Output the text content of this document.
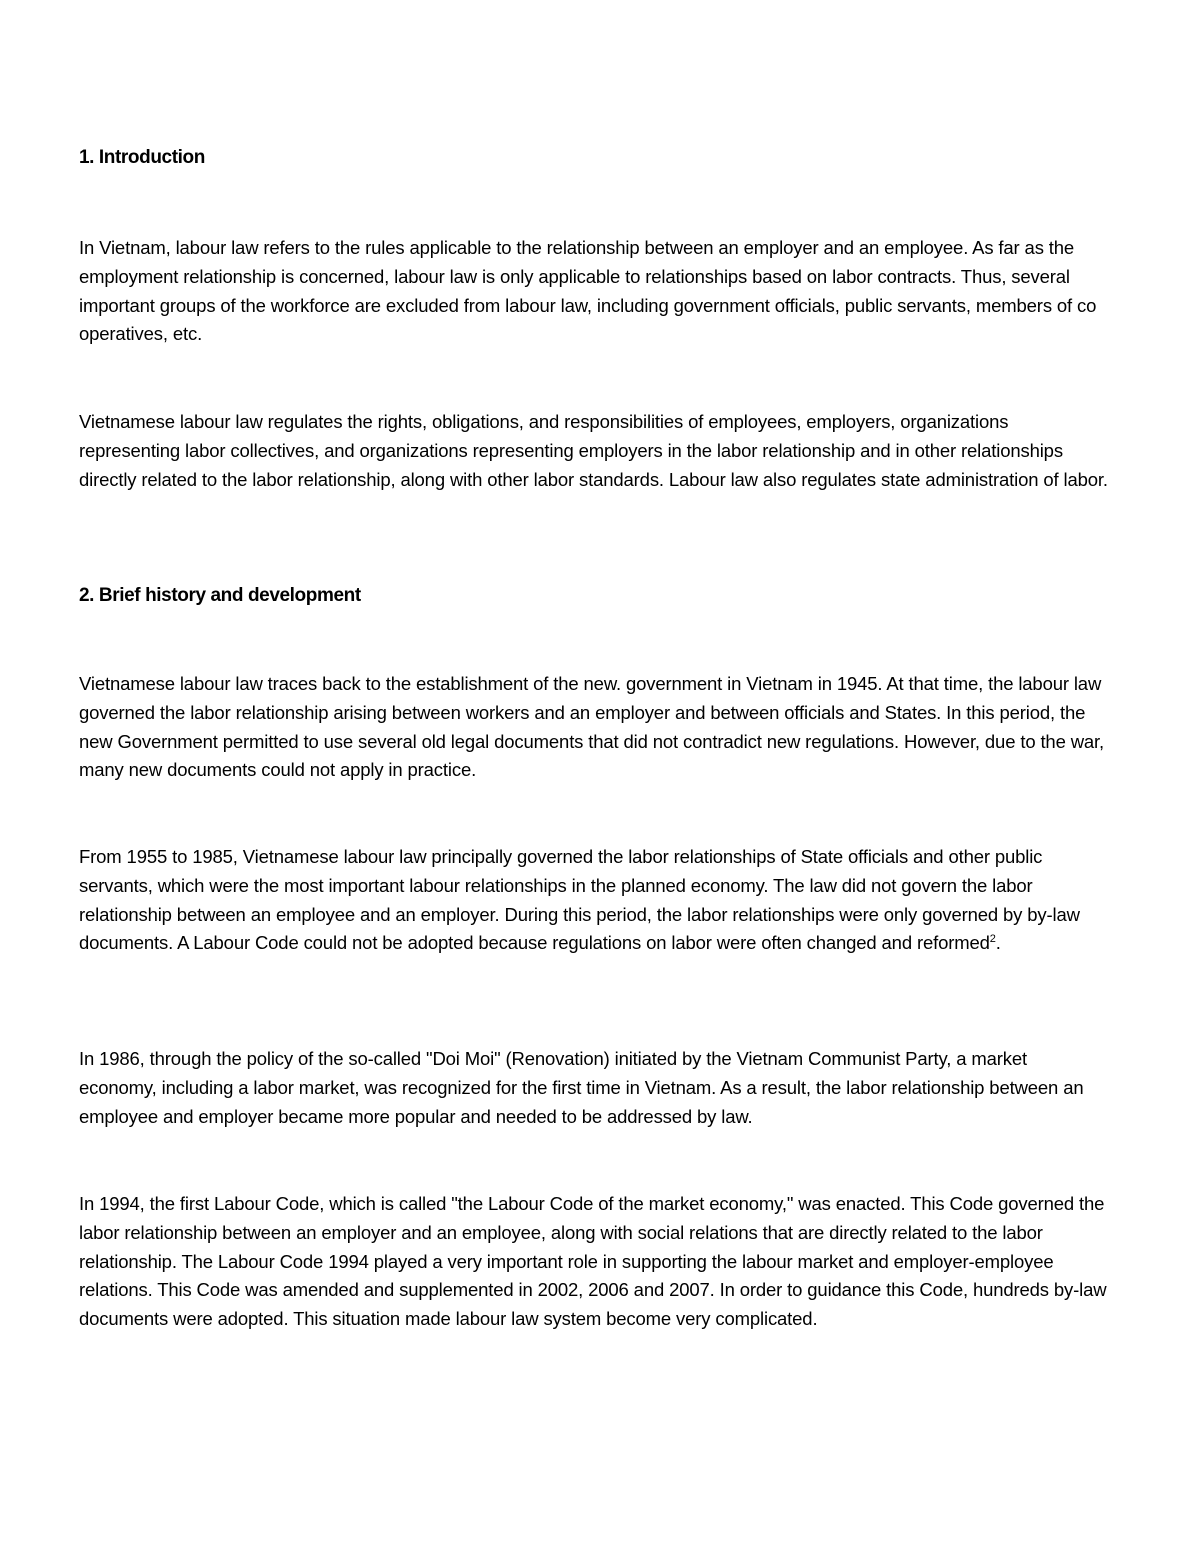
1. Introduction

In Vietnam, labour law refers to the rules applicable to the relationship between an employer and an employee. As far as the employment relationship is concerned, labour law is only applicable to relationships based on labor contracts. Thus, several important groups of the workforce are excluded from labour law, including government officials, public servants, members of co operatives, etc.

Vietnamese labour law regulates the rights, obligations, and responsibilities of employees, employers, organizations representing labor collectives, and organizations representing employers in the labor relationship and in other relationships directly related to the labor relationship, along with other labor standards. Labour law also regulates state administration of labor.

2. Brief history and development

Vietnamese labour law traces back to the establishment of the new. government in Vietnam in 1945. At that time, the labour law governed the labor relationship arising between workers and an employer and between officials and States. In this period, the new Government permitted to use several old legal documents that did not contradict new regulations. However, due to the war, many new documents could not apply in practice.

From 1955 to 1985, Vietnamese labour law principally governed the labor relationships of State officials and other public servants, which were the most important labour relationships in the planned economy. The law did not govern the labor relationship between an employee and an employer. During this period, the labor relationships were only governed by by-law documents. A Labour Code could not be adopted because regulations on labor were often changed and reformed$^2$.

In 1986, through the policy of the so-called "Doi Moi" (Renovation) initiated by the Vietnam Communist Party, a market economy, including a labor market, was recognized for the first time in Vietnam. As a result, the labor relationship between an employee and employer became more popular and needed to be addressed by law.

In 1994, the first Labour Code, which is called "the Labour Code of the market economy," was enacted. This Code governed the labor relationship between an employer and an employee, along with social relations that are directly related to the labor relationship. The Labour Code 1994 played a very important role in supporting the labour market and employer-employee relations. This Code was amended and supplemented in 2002, 2006 and 2007. In order to guidance this Code, hundreds by-law documents were adopted. This situation made labour law system become very complicated.
